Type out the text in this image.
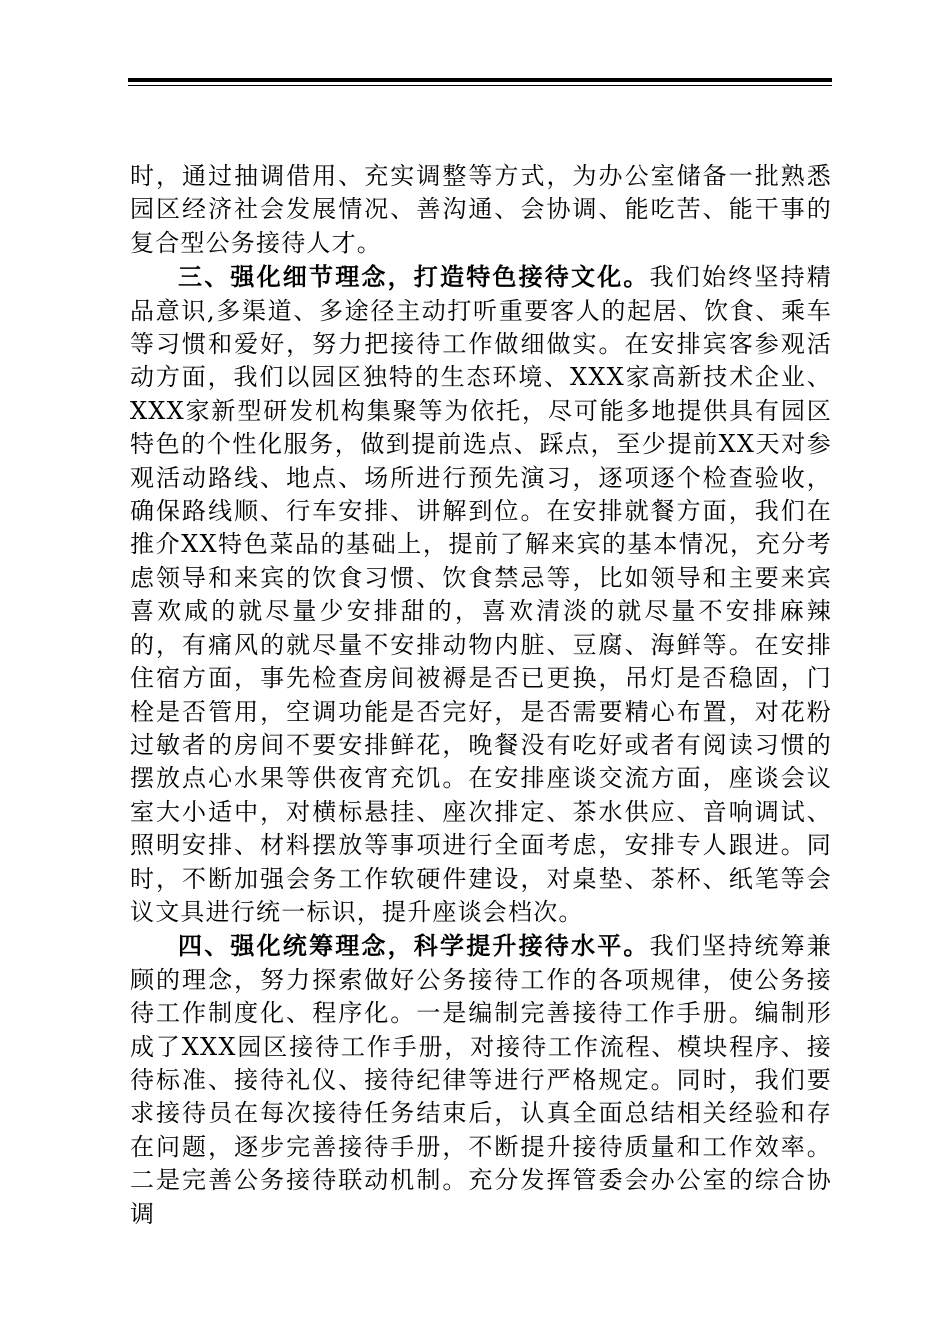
时，通过抽调借用、充实调整等方式，为办公室储备一批熟悉园区经济社会发展情况、善沟通、会协调、能吃苦、能干事的复合型公务接待人才。

三、强化细节理念，打造特色接待文化。我们始终坚持精品意识,多渠道、多途径主动打听重要客人的起居、饮食、乘车等习惯和爱好，努力把接待工作做细做实。在安排宾客参观活动方面，我们以园区独特的生态环境、XXX家高新技术企业、XXX家新型研发机构集聚等为依托，尽可能多地提供具有园区特色的个性化服务，做到提前选点、踩点，至少提前XX天对参观活动路线、地点、场所进行预先演习，逐项逐个检查验收，确保路线顺、行车安排、讲解到位。在安排就餐方面，我们在推介XX特色菜品的基础上，提前了解来宾的基本情况，充分考虑领导和来宾的饮食习惯、饮食禁忌等，比如领导和主要来宾喜欢咸的就尽量少安排甜的，喜欢清淡的就尽量不安排麻辣的，有痛风的就尽量不安排动物内脏、豆腐、海鲜等。在安排住宿方面，事先检查房间被褥是否已更换，吊灯是否稳固，门栓是否管用，空调功能是否完好，是否需要精心布置，对花粉过敏者的房间不要安排鲜花，晚餐没有吃好或者有阅读习惯的摆放点心水果等供夜宵充饥。在安排座谈交流方面，座谈会议室大小适中，对横标悬挂、座次排定、茶水供应、音响调试、照明安排、材料摆放等事项进行全面考虑，安排专人跟进。同时，不断加强会务工作软硬件建设，对桌垫、茶杯、纸笔等会议文具进行统一标识，提升座谈会档次。

四、强化统筹理念，科学提升接待水平。我们坚持统筹兼顾的理念，努力探索做好公务接待工作的各项规律，使公务接待工作制度化、程序化。一是编制完善接待工作手册。编制形成了XXX园区接待工作手册，对接待工作流程、模块程序、接待标准、接待礼仪、接待纪律等进行严格规定。同时，我们要求接待员在每次接待任务结束后，认真全面总结相关经验和存在问题，逐步完善接待手册，不断提升接待质量和工作效率。二是完善公务接待联动机制。充分发挥管委会办公室的综合协调
